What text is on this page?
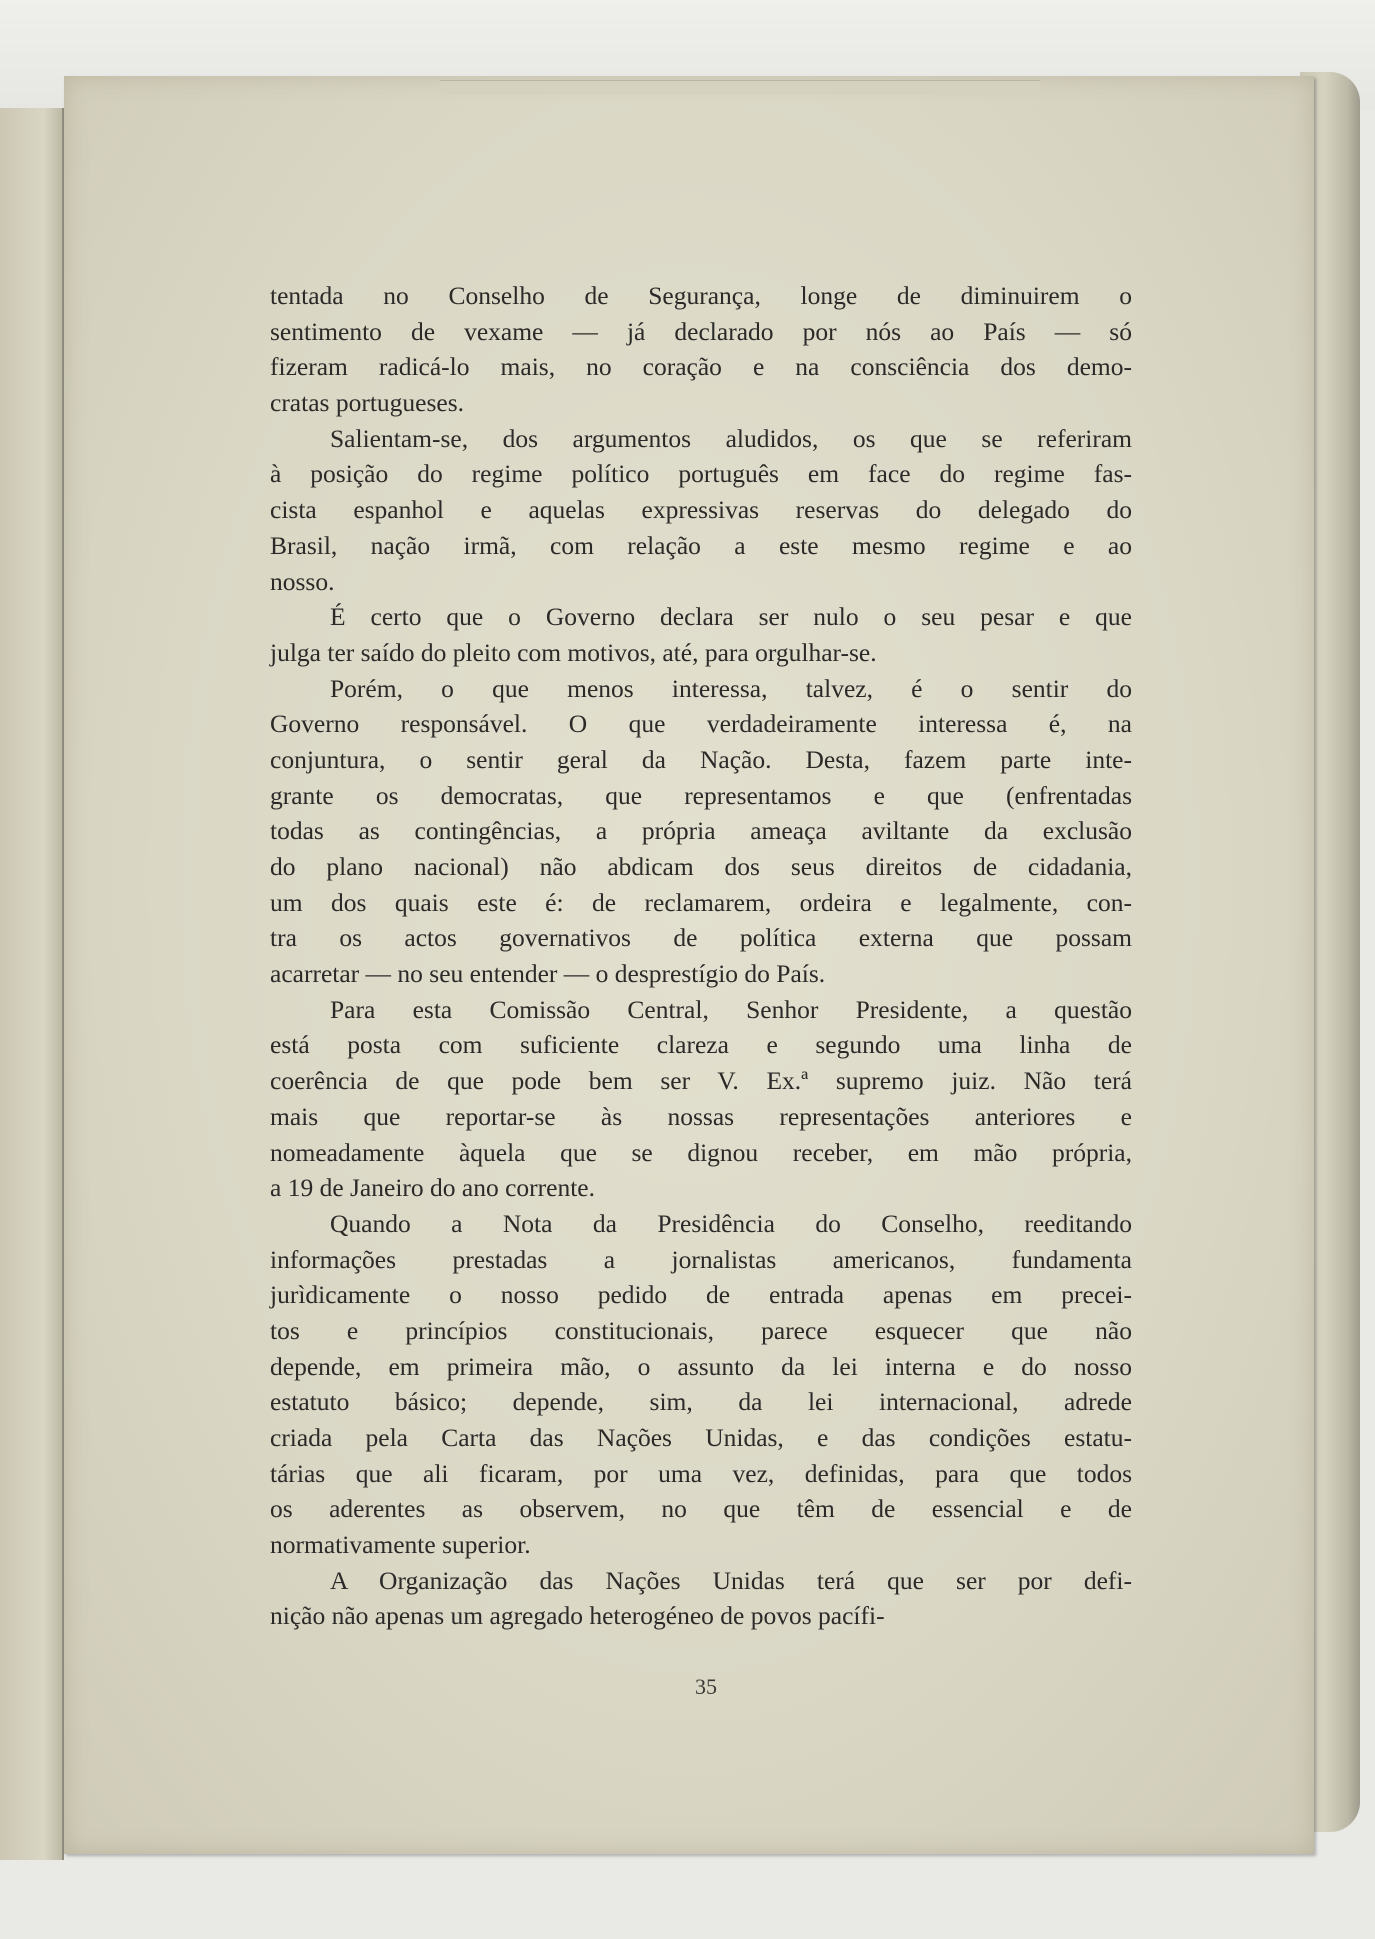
tentada no Conselho de Segurança, longe de diminuirem o
sentimento de vexame — já declarado por nós ao País — só
fizeram radicá-lo mais, no coração e na consciência dos demo-
cratas portugueses.

Salientam-se, dos argumentos aludidos, os que se referiram
à posição do regime político português em face do regime fas-
cista espanhol e aquelas expressivas reservas do delegado do
Brasil, nação irmã, com relação a este mesmo regime e ao
nosso.

É certo que o Governo declara ser nulo o seu pesar e que
julga ter saído do pleito com motivos, até, para orgulhar-se.

Porém, o que menos interessa, talvez, é o sentir do
Governo responsável. O que verdadeiramente interessa é, na
conjuntura, o sentir geral da Nação. Desta, fazem parte inte-
grante os democratas, que representamos e que (enfrentadas
todas as contingências, a própria ameaça aviltante da exclusão
do plano nacional) não abdicam dos seus direitos de cidadania,
um dos quais este é: de reclamarem, ordeira e legalmente, con-
tra os actos governativos de política externa que possam
acarretar — no seu entender — o desprestígio do País.

Para esta Comissão Central, Senhor Presidente, a questão
está posta com suficiente clareza e segundo uma linha de
coerência de que pode bem ser V. Ex.ª supremo juiz. Não terá
mais que reportar-se às nossas representações anteriores e
nomeadamente àquela que se dignou receber, em mão própria,
a 19 de Janeiro do ano corrente.

Quando a Nota da Presidência do Conselho, reeditando
informações prestadas a jornalistas americanos, fundamenta
jurìdicamente o nosso pedido de entrada apenas em precei-
tos e princípios constitucionais, parece esquecer que não
depende, em primeira mão, o assunto da lei interna e do nosso
estatuto básico; depende, sim, da lei internacional, adrede
criada pela Carta das Nações Unidas, e das condições estatu-
tárias que ali ficaram, por uma vez, definidas, para que todos
os aderentes as observem, no que têm de essencial e de
normativamente superior.

A Organização das Nações Unidas terá que ser por defi-
nição não apenas um agregado heterogéneo de povos pacífi-

35
